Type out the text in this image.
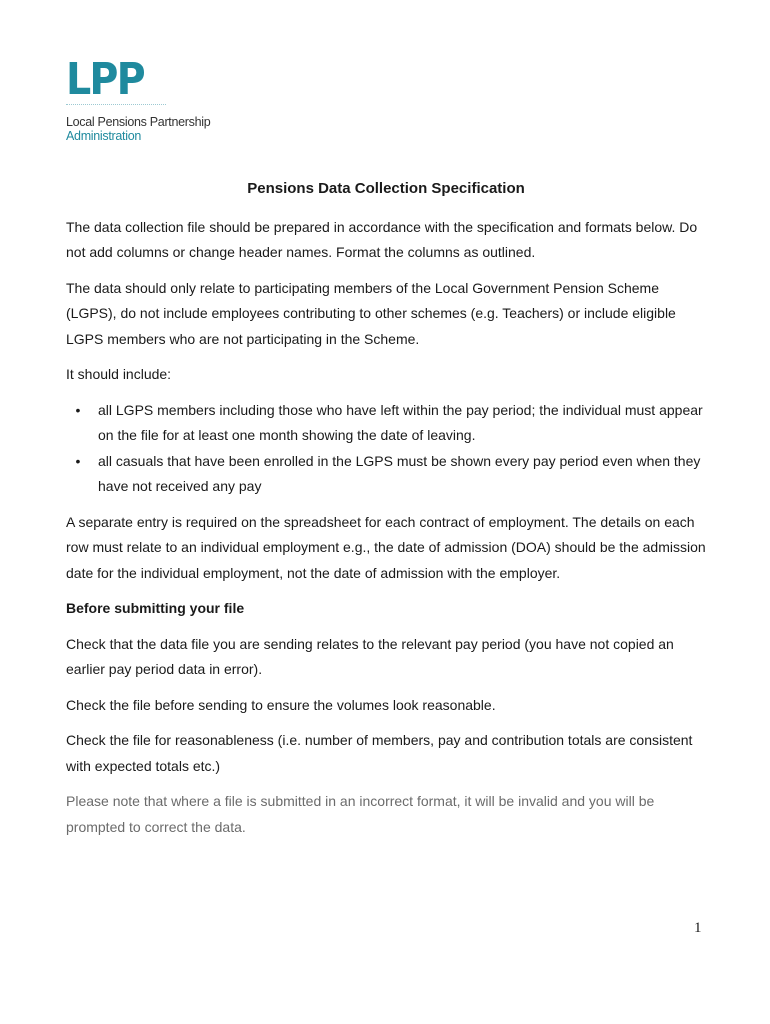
LPP
Local Pensions Partnership
Administration

Pensions Data Collection Specification

The data collection file should be prepared in accordance with the specification and formats below. Do not add columns or change header names. Format the columns as outlined.

The data should only relate to participating members of the Local Government Pension Scheme (LGPS), do not include employees contributing to other schemes (e.g. Teachers) or include eligible LGPS members who are not participating in the Scheme.

It should include:

•	all LGPS members including those who have left within the pay period; the individual must appear on the file for at least one month showing the date of leaving.
•	all casuals that have been enrolled in the LGPS must be shown every pay period even when they have not received any pay

A separate entry is required on the spreadsheet for each contract of employment. The details on each row must relate to an individual employment e.g., the date of admission (DOA) should be the admission date for the individual employment, not the date of admission with the employer.

Before submitting your file

Check that the data file you are sending relates to the relevant pay period (you have not copied an earlier pay period data in error).

Check the file before sending to ensure the volumes look reasonable.

Check the file for reasonableness (i.e. number of members, pay and contribution totals are consistent with expected totals etc.)

Please note that where a file is submitted in an incorrect format, it will be invalid and you will be prompted to correct the data.

1
